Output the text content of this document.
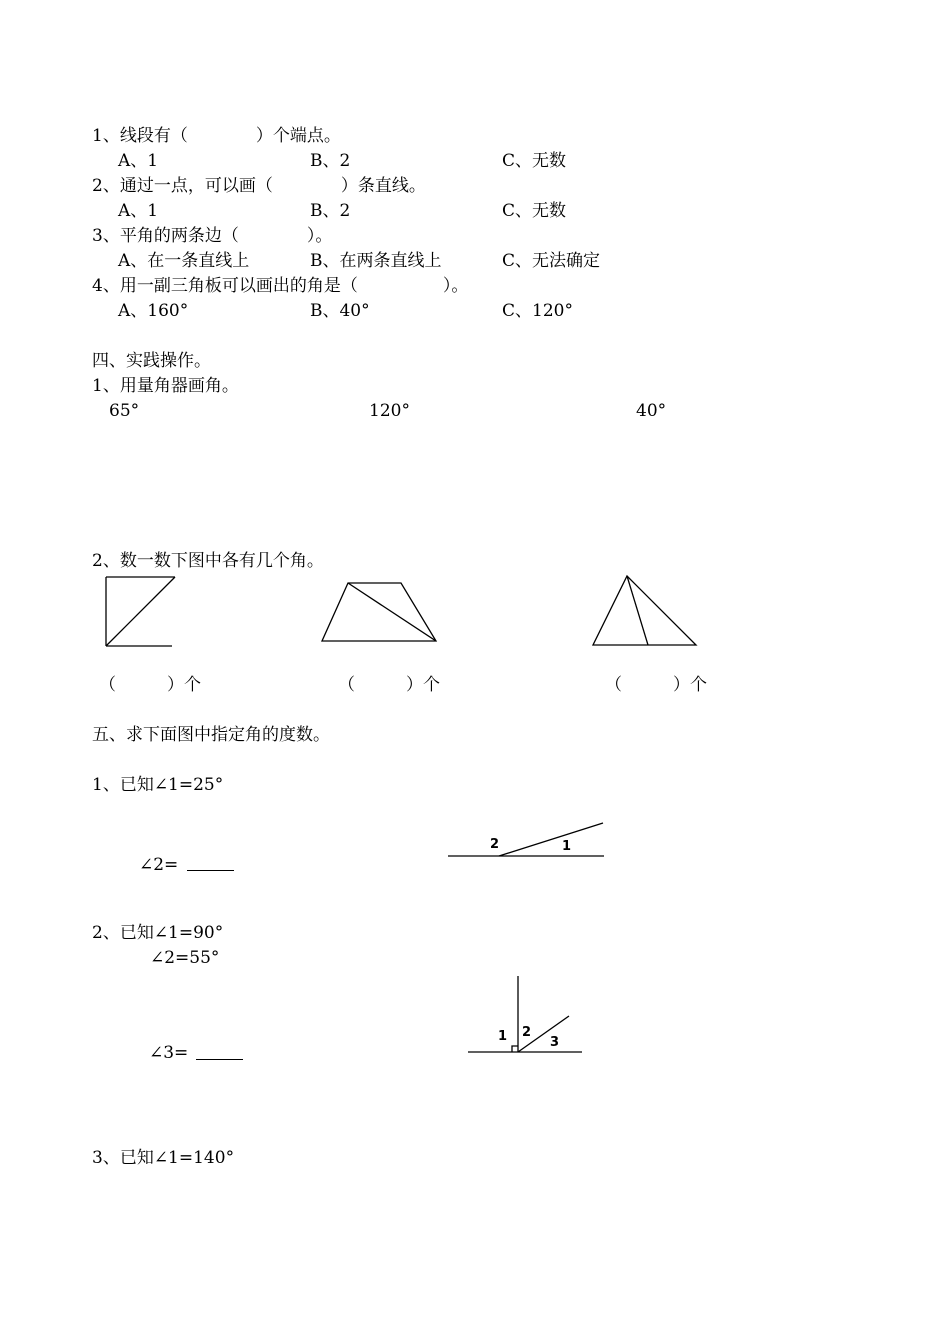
1、线段有（　　　　）个端点。
A、1	B、2	C、无数
2、通过一点，可以画（　　　　）条直线。
A、1	B、2	C、无数
3、平角的两条边（　　　　）。
A、在一条直线上	B、在两条直线上	C、无法确定
4、用一副三角板可以画出的角是（　　　　　）。
A、160°	B、40°	C、120°
四、实践操作。
1、用量角器画角。
65°	120°	40°
2、数一数下图中各有几个角。
（　　　）个	（　　　）个	（　　　）个
五、求下面图中指定角的度数。
1、已知∠1=25°
∠2=
2	1
2、已知∠1=90°
∠2=55°
∠3=
1 2
3
3、已知∠1=140°
